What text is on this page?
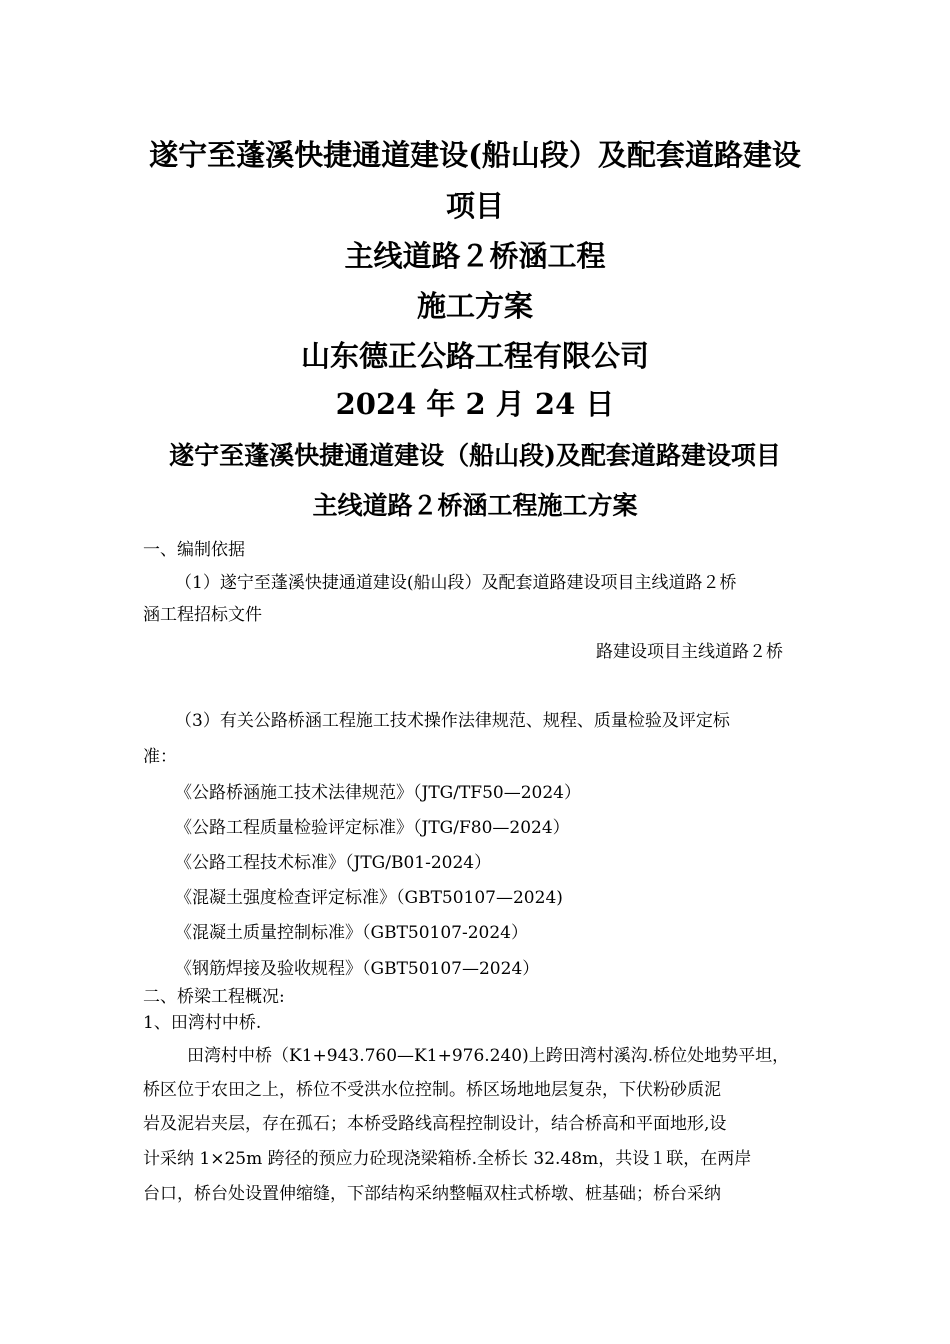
遂宁至蓬溪快捷通道建设(船山段）及配套道路建设
项目
主线道路２桥涵工程
施工方案
山东德正公路工程有限公司
2024 年 2 月 24 日
遂宁至蓬溪快捷通道建设（船山段)及配套道路建设项目
主线道路２桥涵工程施工方案
一、编制依据
（1）遂宁至蓬溪快捷通道建设(船山段）及配套道路建设项目主线道路２桥
涵工程招标文件
路建设项目主线道路２桥
（3）有关公路桥涵工程施工技术操作法律规范、规程、质量检验及评定标
准：
《公路桥涵施工技术法律规范》（JTG/TF50—2024）
《公路工程质量检验评定标准》（JTG/F80—2024）
《公路工程技术标准》（JTG/B01-2024）
《混凝土强度检查评定标准》（GBT50107—2024)
《混凝土质量控制标准》（GBT50107-2024）
《钢筋焊接及验收规程》（GBT50107—2024）
二、桥梁工程概况:
1、田湾村中桥.
田湾村中桥（K1+943.760—K1+976.240)上跨田湾村溪沟.桥位处地势平坦，
桥区位于农田之上，桥位不受洪水位控制。桥区场地地层复杂，下伏粉砂质泥
岩及泥岩夹层，存在孤石；本桥受路线高程控制设计，结合桥高和平面地形,设
计采纳 1×25m 跨径的预应力砼现浇梁箱桥.全桥长 32.48m，共设１联，在两岸
台口，桥台处设置伸缩缝，下部结构采纳整幅双柱式桥墩、桩基础；桥台采纳
